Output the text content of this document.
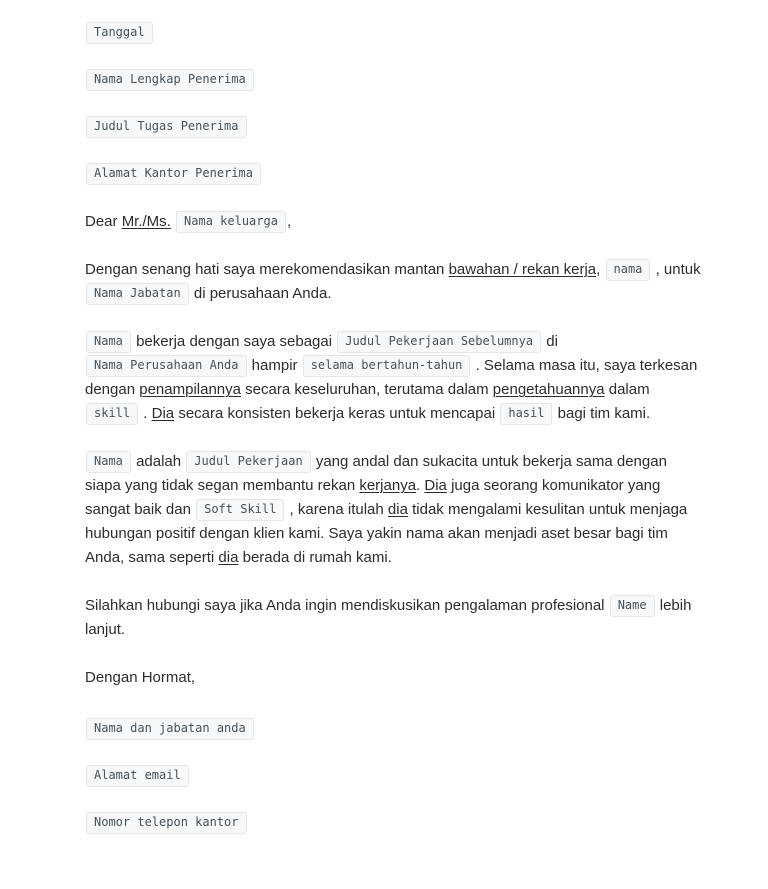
Tanggal
Nama Lengkap Penerima
Judul Tugas Penerima
Alamat Kantor Penerima

Dear Mr./Ms. Nama keluarga ,

Dengan senang hati saya merekomendasikan mantan bawahan / rekan kerja, nama , untuk Nama Jabatan di perusahaan Anda.

Nama bekerja dengan saya sebagai Judul Pekerjaan Sebelumnya di Nama Perusahaan Anda hampir selama bertahun-tahun . Selama masa itu, saya terkesan dengan penampilannya secara keseluruhan, terutama dalam pengetahuannya dalam skill . Dia secara konsisten bekerja keras untuk mencapai hasil bagi tim kami.

Nama adalah Judul Pekerjaan yang andal dan sukacita untuk bekerja sama dengan siapa yang tidak segan membantu rekan kerjanya. Dia juga seorang komunikator yang sangat baik dan Soft Skill , karena itulah dia tidak mengalami kesulitan untuk menjaga hubungan positif dengan klien kami. Saya yakin nama akan menjadi aset besar bagi tim Anda, sama seperti dia berada di rumah kami.

Silahkan hubungi saya jika Anda ingin mendiskusikan pengalaman profesional Name lebih lanjut.

Dengan Hormat,

Nama dan jabatan anda
Alamat email
Nomor telepon kantor
